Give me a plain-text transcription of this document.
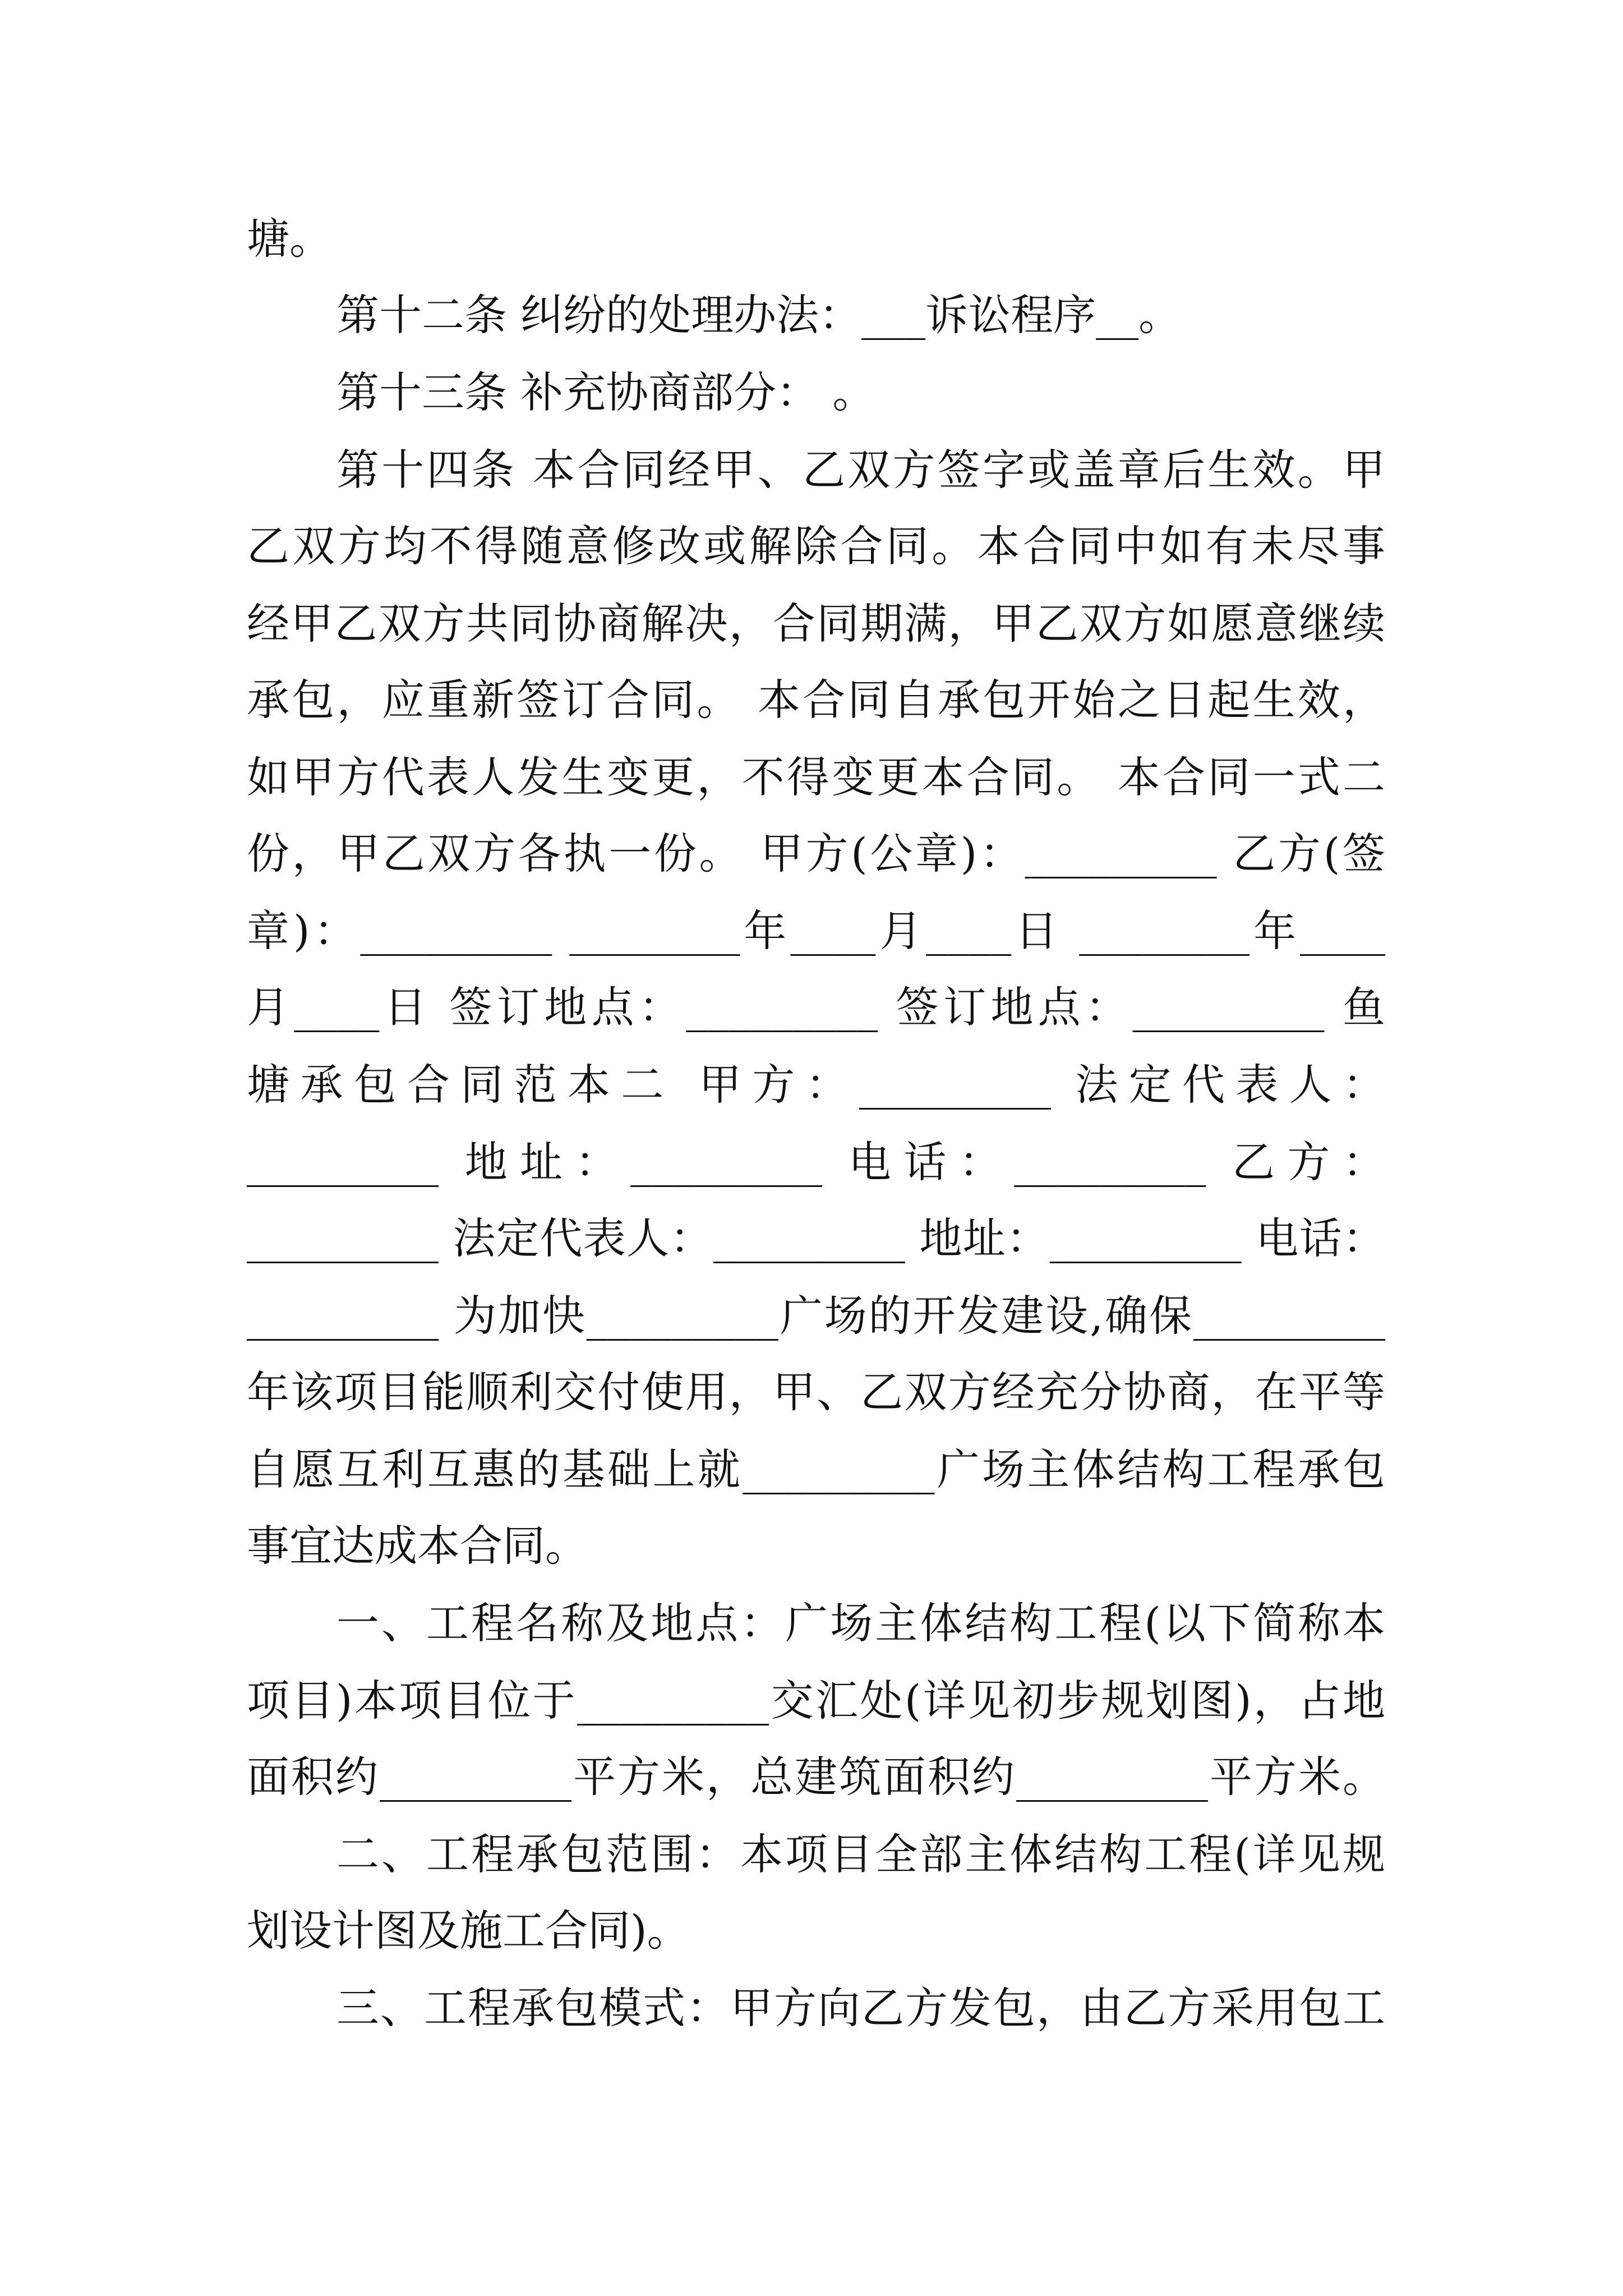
塘。
第十二条 纠纷的处理办法：___诉讼程序__。
第十三条 补充协商部分： 。
第十四条 本合同经甲、乙双方签字或盖章后生效。甲
乙双方均不得随意修改或解除合同。本合同中如有未尽事
经甲乙双方共同协商解决，合同期满，甲乙双方如愿意继续
承包，应重新签订合同。 本合同自承包开始之日起生效，
如甲方代表人发生变更，不得变更本合同。 本合同一式二
份，甲乙双方各执一份。 甲方(公章)：_________ 乙方(签
章)：_________ ________年____月____日 ________年____
月____日 签订地点：_________ 签订地点：_________ 鱼
塘承包合同范本二 甲方：_________ 法定代表人：
_________ 地址：_________ 电话：_________ 乙方：
_________ 法定代表人：_________ 地址：_________ 电话：
_________ 为加快_________广场的开发建设,确保_________
年该项目能顺利交付使用，甲、乙双方经充分协商，在平等
自愿互利互惠的基础上就_________广场主体结构工程承包
事宜达成本合同。
一、工程名称及地点：广场主体结构工程(以下简称本
项目)本项目位于_________交汇处(详见初步规划图)，占地
面积约_________平方米，总建筑面积约_________平方米。
二、工程承包范围：本项目全部主体结构工程(详见规
划设计图及施工合同)。
三、工程承包模式：甲方向乙方发包，由乙方采用包工
